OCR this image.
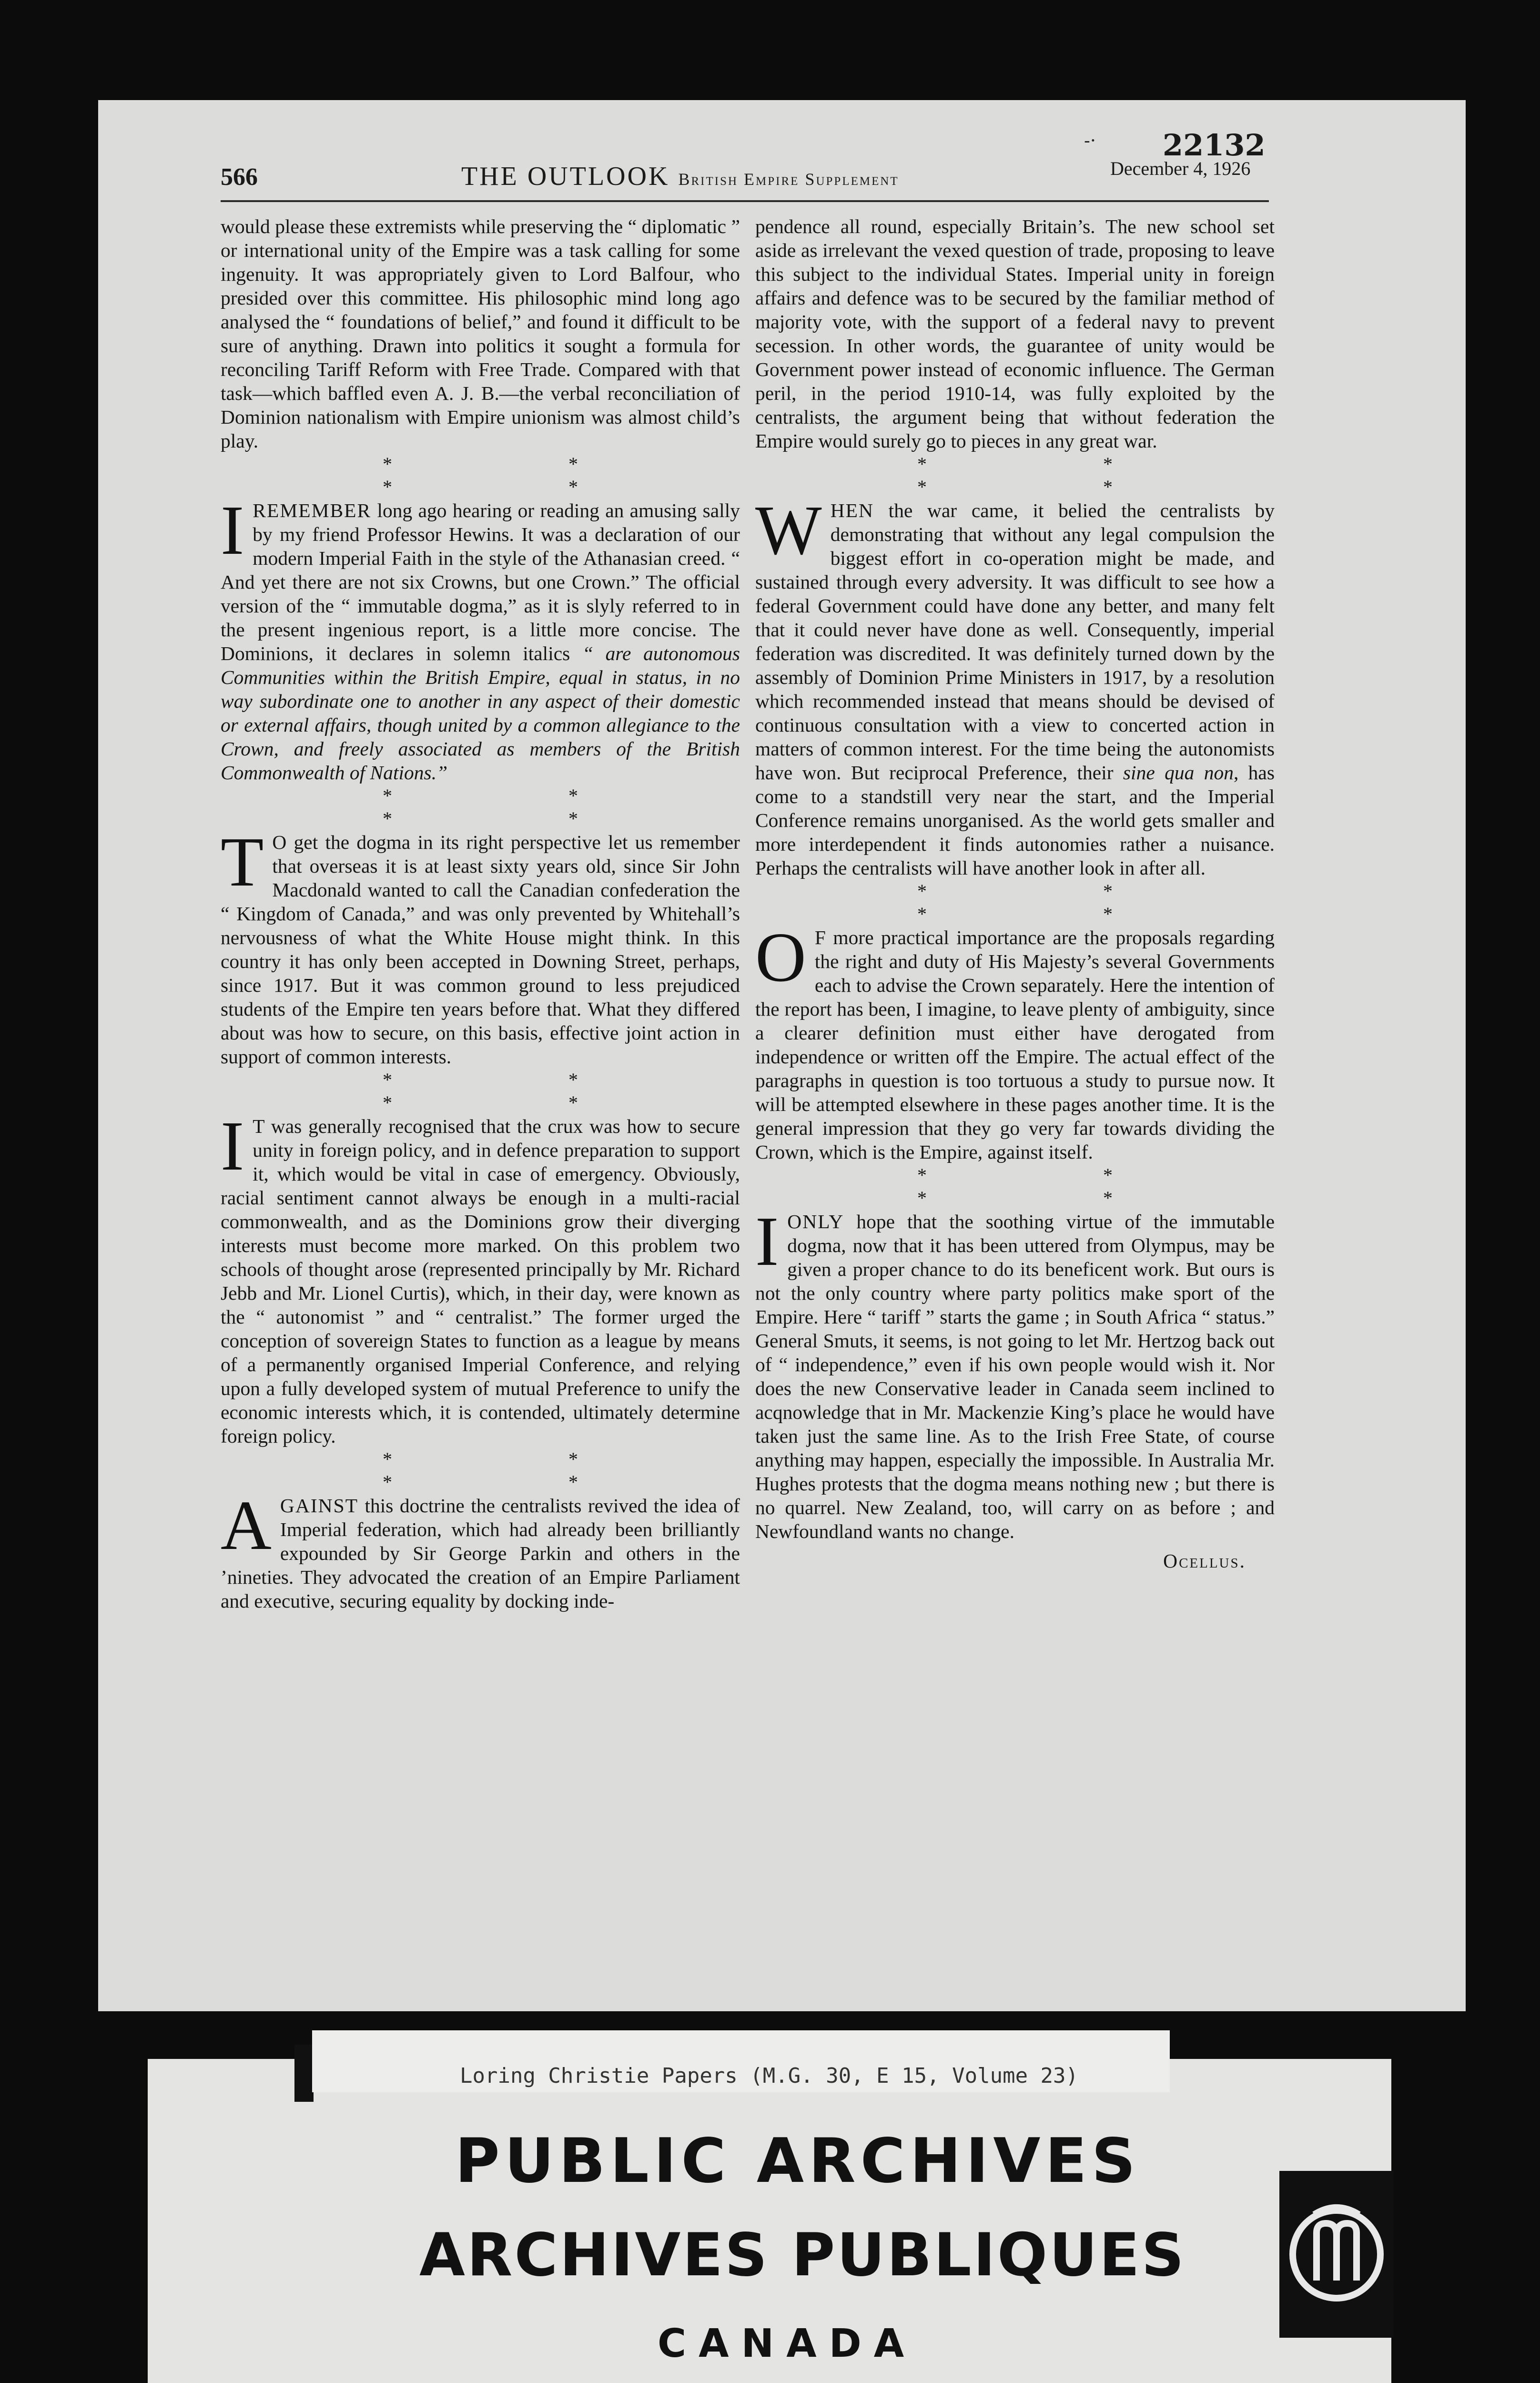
‐·	22132
566	THE OUTLOOK British Empire Supplement	December 4, 1926

would please these extremists while preserving the “ diplomatic ” or international unity of the Empire was a task calling for some ingenuity. It was appropriately given to Lord Balfour, who presided over this committee. His philosophic mind long ago analysed the “ foundations of belief,” and found it difficult to be sure of anything. Drawn into politics it sought a formula for reconciling Tariff Reform with Free Trade. Compared with that task—which baffled even A. J. B.—the verbal reconciliation of Dominion nationalism with Empire unionism was almost child’s play.

* * * *

IREMEMBER long ago hearing or reading an amusing sally by my friend Professor Hewins. It was a declaration of our modern Imperial Faith in the style of the Athanasian creed. “ And yet there are not six Crowns, but one Crown.” The official version of the “ immutable dogma,” as it is slyly referred to in the present ingenious report, is a little more concise. The Dominions, it declares in solemn italics “ are autonomous Communities within the British Empire, equal in status, in no way subordinate one to another in any aspect of their domestic or external affairs, though united by a common allegiance to the Crown, and freely associated as members of the British Commonwealth of Nations.”

* * * *

T O get the dogma in its right perspective let us remember that overseas it is at least sixty years old, since Sir John Macdonald wanted to call the Canadian confederation the “ Kingdom of Canada,” and was only prevented by Whitehall’s nervousness of what the White House might think. In this country it has only been accepted in Downing Street, perhaps, since 1917. But it was common ground to less prejudiced students of the Empire ten years before that. What they differed about was how to secure, on this basis, effective joint action in support of common interests.

* * * *

I T was generally recognised that the crux was how to secure unity in foreign policy, and in defence preparation to support it, which would be vital in case of emergency. Obviously, racial sentiment cannot always be enough in a multi-racial commonwealth, and as the Dominions grow their diverging interests must become more marked. On this problem two schools of thought arose (represented principally by Mr. Richard Jebb and Mr. Lionel Curtis), which, in their day, were known as the “ autonomist ” and “ centralist.” The former urged the conception of sovereign States to function as a league by means of a permanently organised Imperial Conference, and relying upon a fully developed system of mutual Preference to unify the economic interests which, it is contended, ultimately determine foreign policy.

* * * *

AGAINST this doctrine the centralists revived the idea of Imperial federation, which had already been brilliantly expounded by Sir George Parkin and others in the ’nineties. They advocated the creation of an Empire Parliament and executive, securing equality by docking inde-

pendence all round, especially Britain’s. The new school set aside as irrelevant the vexed question of trade, proposing to leave this subject to the individual States. Imperial unity in foreign affairs and defence was to be secured by the familiar method of majority vote, with the support of a federal navy to prevent secession. In other words, the guarantee of unity would be Government power instead of economic influence. The German peril, in the period 1910-14, was fully exploited by the centralists, the argument being that without federation the Empire would surely go to pieces in any great war.

* * * *

WHEN the war came, it belied the centralists by demonstrating that without any legal compulsion the biggest effort in co-operation might be made, and sustained through every adversity. It was difficult to see how a federal Government could have done any better, and many felt that it could never have done as well. Consequently, imperial federation was discredited. It was definitely turned down by the assembly of Dominion Prime Ministers in 1917, by a resolution which recommended instead that means should be devised of continuous consultation with a view to concerted action in matters of common interest. For the time being the autonomists have won. But reciprocal Preference, their sine qua non, has come to a standstill very near the start, and the Imperial Conference remains unorganised. As the world gets smaller and more interdependent it finds autonomies rather a nuisance. Perhaps the centralists will have another look in after all.

* * * *

O F more practical importance are the proposals regarding the right and duty of His Majesty’s several Governments each to advise the Crown separately. Here the intention of the report has been, I imagine, to leave plenty of ambiguity, since a clearer definition must either have derogated from independence or written off the Empire. The actual effect of the paragraphs in question is too tortuous a study to pursue now. It will be attempted elsewhere in these pages another time. It is the general impression that they go very far towards dividing the Crown, which is the Empire, against itself.

* * * *

IONLY hope that the soothing virtue of the immutable dogma, now that it has been uttered from Olympus, may be given a proper chance to do its beneficent work. But ours is not the only country where party politics make sport of the Empire. Here “ tariff ” starts the game ; in South Africa “ status.” General Smuts, it seems, is not going to let Mr. Hertzog back out of “ independence,” even if his own people would wish it. Nor does the new Conservative leader in Canada seem inclined to acqnowledge that in Mr. Mackenzie King’s place he would have taken just the same line. As to the Irish Free State, of course anything may happen, especially the impossible. In Australia Mr. Hughes protests that the dogma means nothing new ; but there is no quarrel. New Zealand, too, will carry on as before ; and Newfoundland wants no change.

Ocellus.
Loring Christie Papers (M.G. 30, E 15, Volume 23)
PUBLIC ARCHIVES
ARCHIVES PUBLIQUES
CANADA
